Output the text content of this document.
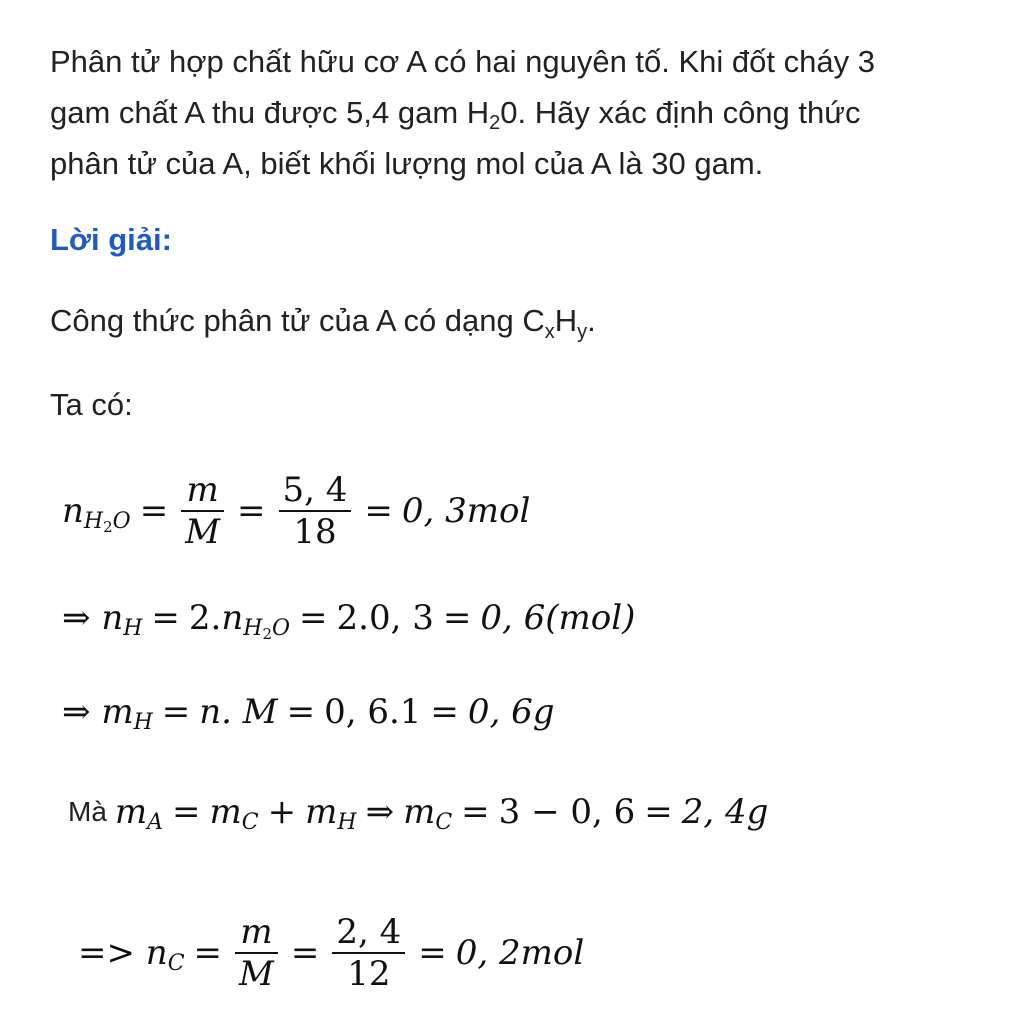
Phân tử hợp chất hữu cơ A có hai nguyên tố. Khi đốt cháy 3
gam chất A thu được 5,4 gam $H_20$. Hãy xác định công thức
phân tử của A, biết khối lượng mol của A là 30 gam.
Lời giải:
Công thức phân tử của A có dạng $C_xH_y$.
Ta có:
n $H2O = \frac{m}{M} = \frac{5, 4}{18} = 0$, 3mol
⇒
n H = 2. n H2O = 2.0, 3 = 0, 6(mol)
⇒
m H = n. M = 0, 6.1 = 0, 6g
Mà m A = m C + m H ⇒ m C = 3 − 0, 6 = 2, 4g
=>
n $C = \frac{m}{M} = \frac{2, 4}{12} = 0$, 2mol
